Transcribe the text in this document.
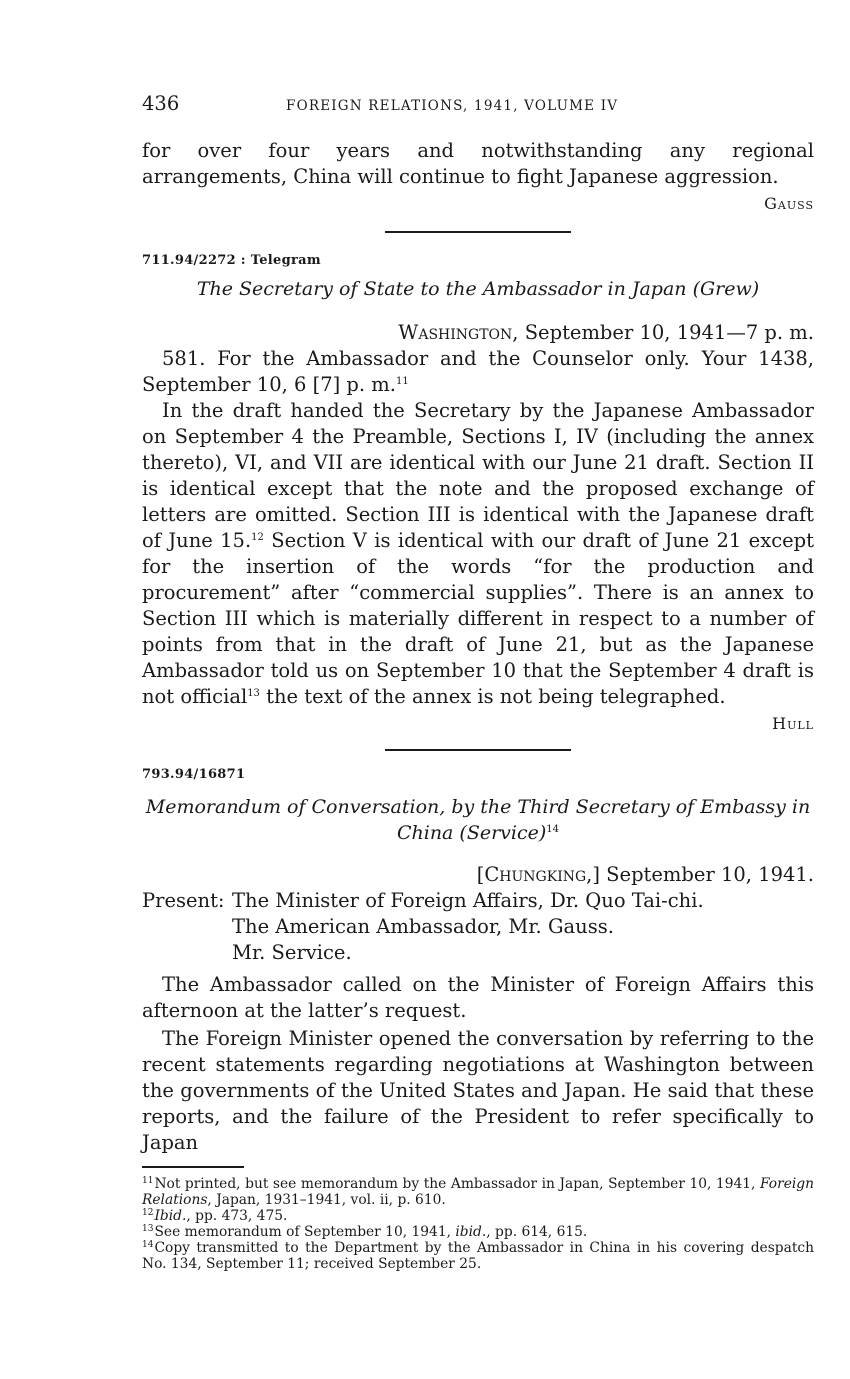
436	FOREIGN RELATIONS, 1941, VOLUME IV

for over four years and notwithstanding any regional arrangements, China will continue to fight Japanese aggression.

Gauss

711.94/2272 : Telegram

The Secretary of State to the Ambassador in Japan (Grew)

Washington, September 10, 1941—7 p. m.

581. For the Ambassador and the Counselor only. Your 1438, September 10, 6 [7] p. m.$^{11}$

In the draft handed the Secretary by the Japanese Ambassador on September 4 the Preamble, Sections I, IV (including the annex thereto), VI, and VII are identical with our June 21 draft. Section II is identical except that the note and the proposed exchange of letters are omitted. Section III is identical with the Japanese draft of June 15.12 Section V is identical with our draft of June 21 except for the insertion of the words “for the production and procurement” after “commercial supplies”. There is an annex to Section III which is materially different in respect to a number of points from that in the draft of June 21, but as the Japanese Ambassador told us on September 10 that the September 4 draft is not official$^{13}$ the text of the annex is not being telegraphed.

Hull

793.94/16871

Memorandum of Conversation, by the Third Secretary of Embassy in China (Service)$^{14}$

[Chungking,] September 10, 1941.

Present: The Minister of Foreign Affairs, Dr. Quo Tai-chi.
The American Ambassador, Mr. Gauss.
Mr. Service.

The Ambassador called on the Minister of Foreign Affairs this afternoon at the latter’s request.

The Foreign Minister opened the conversation by referring to the recent statements regarding negotiations at Washington between the governments of the United States and Japan. He said that these reports, and the failure of the President to refer specifically to Japan

$^{11}$Not printed, but see memorandum by the Ambassador in Japan, September 10, 1941, Foreign Relations, Japan, 1931–1941, vol. ii, p. 610.

$^{12}$Ibid., pp. 473, 475.

$^{13}$See memorandum of September 10, 1941, ibid., pp. 614, 615.

$^{14}$Copy transmitted to the Department by the Ambassador in China in his covering despatch No. 134, September 11; received September 25.
